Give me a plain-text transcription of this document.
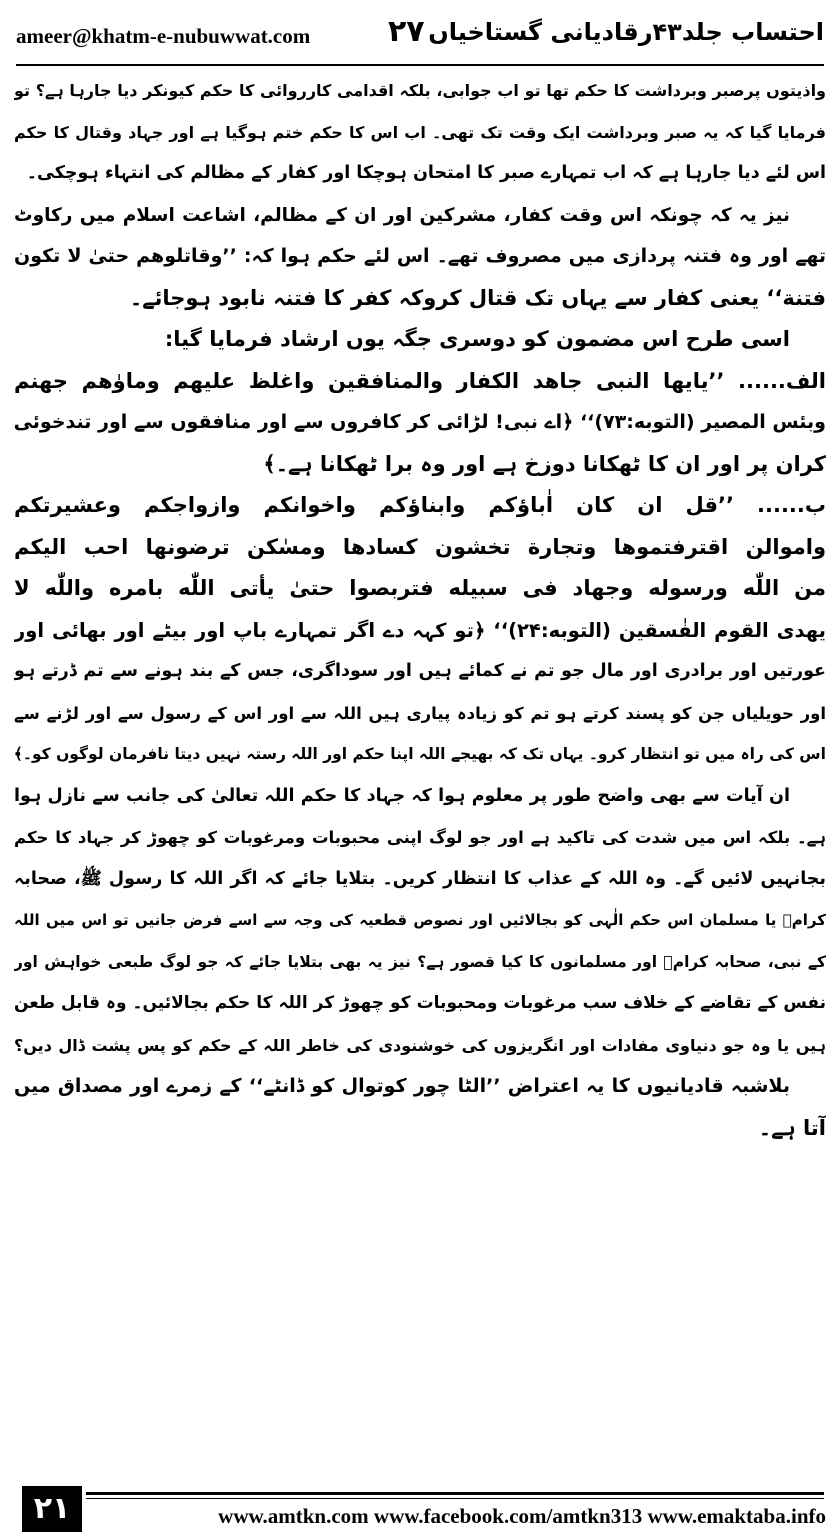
ameer@khatm-e-nubuwwat.com	۲۷ احتساب جلد۴۳رقادیانی گستاخیاں
واذیتوں پرصبر وبرداشت کا حکم تھا تو اب جوابی، بلکہ اقدامی کارروائی کا حکم کیونکر دیا جارہا ہے؟ تو
فرمایا گیا کہ یہ صبر وبرداشت ایک وقت تک تھی۔ اب اس کا حکم ختم ہوگیا ہے اور جہاد وقتال کا حکم
اس لئے دیا جارہا ہے کہ اب تمہارے صبر کا امتحان ہوچکا اور کفار کے مظالم کی انتہاء ہوچکی۔
نیز یہ کہ چونکہ اس وقت کفار، مشرکین اور ان کے مظالم، اشاعت اسلام میں رکاوٹ
تھے اور وہ فتنہ پردازی میں مصروف تھے۔ اس لئے حکم ہوا کہ: ’’وقاتلوھم حتیٰ لا تکون
فتنة‘‘ یعنی کفار سے یہاں تک قتال کروکہ کفر کا فتنہ نابود ہوجائے۔
اسی طرح اس مضمون کو دوسری جگہ یوں ارشاد فرمایا گیا:
الف...... ’’یایھا النبی جاھد الکفار والمنافقین واغلظ علیھم وماوٰھم جھنم
وبئس المصیر (التوبه:۷۳)‘‘ ﴿اے نبی! لڑائی کر کافروں سے اور منافقوں سے اور تندخوئی
کران پر اور ان کا ٹھکانا دوزخ ہے اور وہ برا ٹھکانا ہے۔﴾
ب...... ’’قل ان کان اٰباؤکم وابناؤکم واخوانکم وازواجکم وعشیرتکم
واموالن اقترفتموھا وتجارة تخشون کسادھا ومسٰکن ترضونھا احب الیکم
من اللّٰه ورسوله وجھاد فی سبیله فتربصوا حتیٰ یأتی اللّٰه بامره واللّٰه لا
یھدی القوم الفٰسقین (التوبه:۲۴)‘‘ ﴿تو کہہ دے اگر تمہارے باپ اور بیٹے اور بھائی اور
عورتیں اور برادری اور مال جو تم نے کمائے ہیں اور سوداگری، جس کے بند ہونے سے تم ڈرتے ہو
اور حویلیاں جن کو پسند کرتے ہو تم کو زیادہ پیاری ہیں اللہ سے اور اس کے رسول سے اور لڑنے سے
اس کی راہ میں تو انتظار کرو۔ یہاں تک کہ بھیجے اللہ اپنا حکم اور اللہ رستہ نہیں دیتا نافرمان لوگوں کو۔﴾
ان آیات سے بھی واضح طور پر معلوم ہوا کہ جہاد کا حکم اللہ تعالیٰ کی جانب سے نازل ہوا
ہے۔ بلکہ اس میں شدت کی تاکید ہے اور جو لوگ اپنی محبوبات ومرغوبات کو چھوڑ کر جہاد کا حکم
بجانہیں لائیں گے۔ وہ اللہ کے عذاب کا انتظار کریں۔ بتلایا جائے کہ اگر اللہ کا رسول ﷺ، صحابہ
کرامؓ یا مسلمان اس حکم الٰہی کو بجالائیں اور نصوص قطعیہ کی وجہ سے اسے فرض جانیں تو اس میں اللہ
کے نبی، صحابہ کرامؓ اور مسلمانوں کا کیا قصور ہے؟ نیز یہ بھی بتلایا جائے کہ جو لوگ طبعی خواہش اور
نفس کے تقاضے کے خلاف سب مرغوبات ومحبوبات کو چھوڑ کر اللہ کا حکم بجالائیں۔ وہ قابل طعن
ہیں یا وہ جو دنیاوی مفادات اور انگریزوں کی خوشنودی کی خاطر اللہ کے حکم کو پس پشت ڈال دیں؟
بلاشبہ قادیانیوں کا یہ اعتراض ’’الٹا چور کوتوال کو ڈانٹے‘‘ کے زمرے اور مصداق میں
آتا ہے۔
۲۱	www.amtkn.com www.facebook.com/amtkn313 www.emaktaba.info
